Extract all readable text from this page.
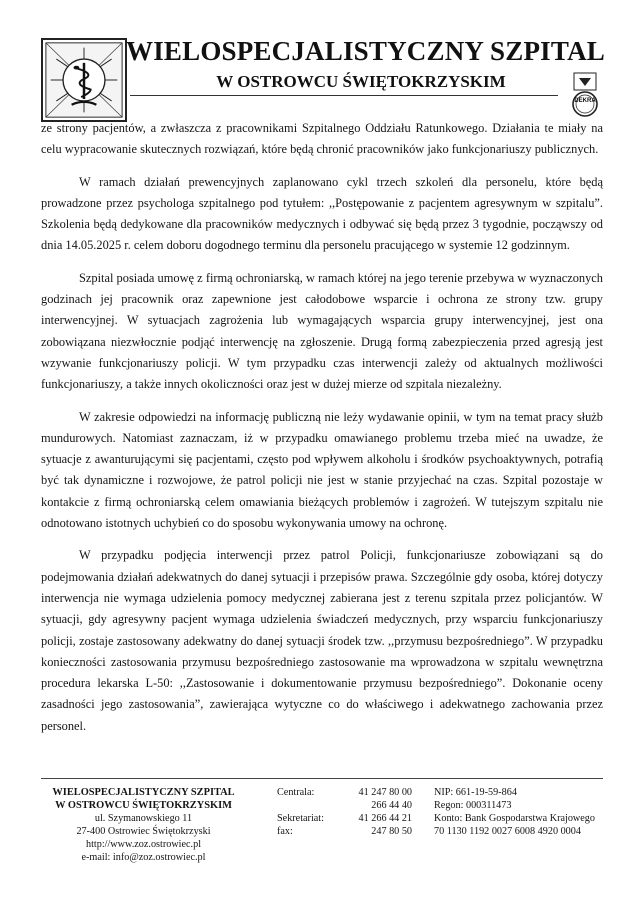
WIELOSPECJALISTYCZNY SZPITAL
W OSTROWCU ŚWIĘTOKRZYSKIM
DEKRA

ze strony pacjentów, a zwłaszcza z pracownikami Szpitalnego Oddziału Ratunkowego. Działania te miały na celu wypracowanie skutecznych rozwiązań, które będą chronić pracowników jako funkcjonariuszy publicznych.

W ramach działań prewencyjnych zaplanowano cykl trzech szkoleń dla personelu, które będą prowadzone przez psychologa szpitalnego pod tytułem: ,,Postępowanie z pacjentem agresywnym w szpitalu”. Szkolenia będą dedykowane dla pracowników medycznych i odbywać się będą przez 3 tygodnie, począwszy od dnia 14.05.2025 r. celem doboru dogodnego terminu dla personelu pracującego w systemie 12 godzinnym.

Szpital posiada umowę z firmą ochroniarską, w ramach której na jego terenie przebywa w wyznaczonych godzinach jej pracownik oraz zapewnione jest całodobowe wsparcie i ochrona ze strony tzw. grupy interwencyjnej. W sytuacjach zagrożenia lub wymagających wsparcia grupy interwencyjnej, jest ona zobowiązana niezwłocznie podjąć interwencję na zgłoszenie. Drugą formą zabezpieczenia przed agresją jest wzywanie funkcjonariuszy policji. W tym przypadku czas interwencji zależy od aktualnych możliwości funkcjonariuszy, a także innych okoliczności oraz jest w dużej mierze od szpitala niezależny.

W zakresie odpowiedzi na informację publiczną nie leży wydawanie opinii, w tym na temat pracy służb mundurowych. Natomiast zaznaczam, iż w przypadku omawianego problemu trzeba mieć na uwadze, że sytuacje z awanturującymi się pacjentami, często pod wpływem alkoholu i środków psychoaktywnych, potrafią być tak dynamiczne i rozwojowe, że patrol policji nie jest w stanie przyjechać na czas. Szpital pozostaje w kontakcie z firmą ochroniarską celem omawiania bieżących problemów i zagrożeń. W tutejszym szpitalu nie odnotowano istotnych uchybień co do sposobu wykonywania umowy na ochronę.

W przypadku podjęcia interwencji przez patrol Policji, funkcjonariusze zobowiązani są do podejmowania działań adekwatnych do danej sytuacji i przepisów prawa. Szczególnie gdy osoba, której dotyczy interwencja nie wymaga udzielenia pomocy medycznej zabierana jest z terenu szpitala przez policjantów. W sytuacji, gdy agresywny pacjent wymaga udzielenia świadczeń medycznych, przy wsparciu funkcjonariuszy policji, zostaje zastosowany adekwatny do danej sytuacji środek tzw. ,,przymusu bezpośredniego”. W przypadku konieczności zastosowania przymusu bezpośredniego zastosowanie ma wprowadzona w szpitalu wewnętrzna procedura lekarska L-50: ,,Zastosowanie i dokumentowanie przymusu bezpośredniego”. Dokonanie oceny zasadności jego zastosowania”, zawierająca wytyczne co do właściwego i adekwatnego zachowania przez personel.

WIELOSPECJALISTYCZNY SZPITAL
W OSTROWCU ŚWIĘTOKRZYSKIM
ul. Szymanowskiego 11
27-400 Ostrowiec Świętokrzyski
http://www.zoz.ostrowiec.pl
e-mail: info@zoz.ostrowiec.pl
Centrala:	41 247 80 00
266 44 40
Sekretariat:	41 266 44 21
fax:	247 80 50
NIP: 661-19-59-864
Regon: 000311473
Konto: Bank Gospodarstwa Krajowego
70 1130 1192 0027 6008 4920 0004
